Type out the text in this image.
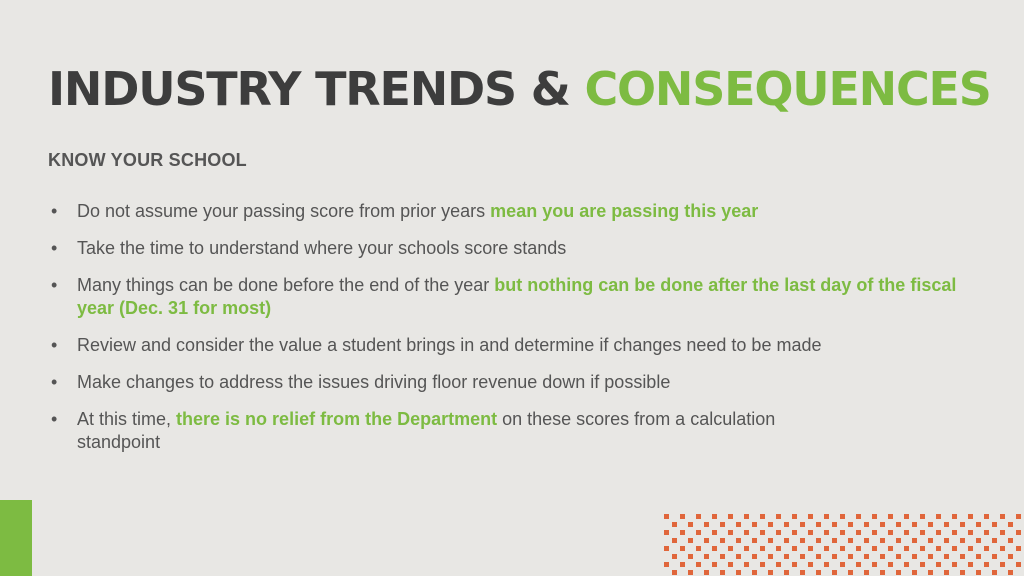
INDUSTRY TRENDS & CONSEQUENCES
KNOW YOUR SCHOOL
• Do not assume your passing score from prior years mean you are passing this year
• Take the time to understand where your schools score stands
• Many things can be done before the end of the year but nothing can be done after the last day of the fiscal year (Dec. 31 for most)
• Review and consider the value a student brings in and determine if changes need to be made
• Make changes to address the issues driving floor revenue down if possible
• At this time, there is no relief from the Department on these scores from a calculation standpoint
